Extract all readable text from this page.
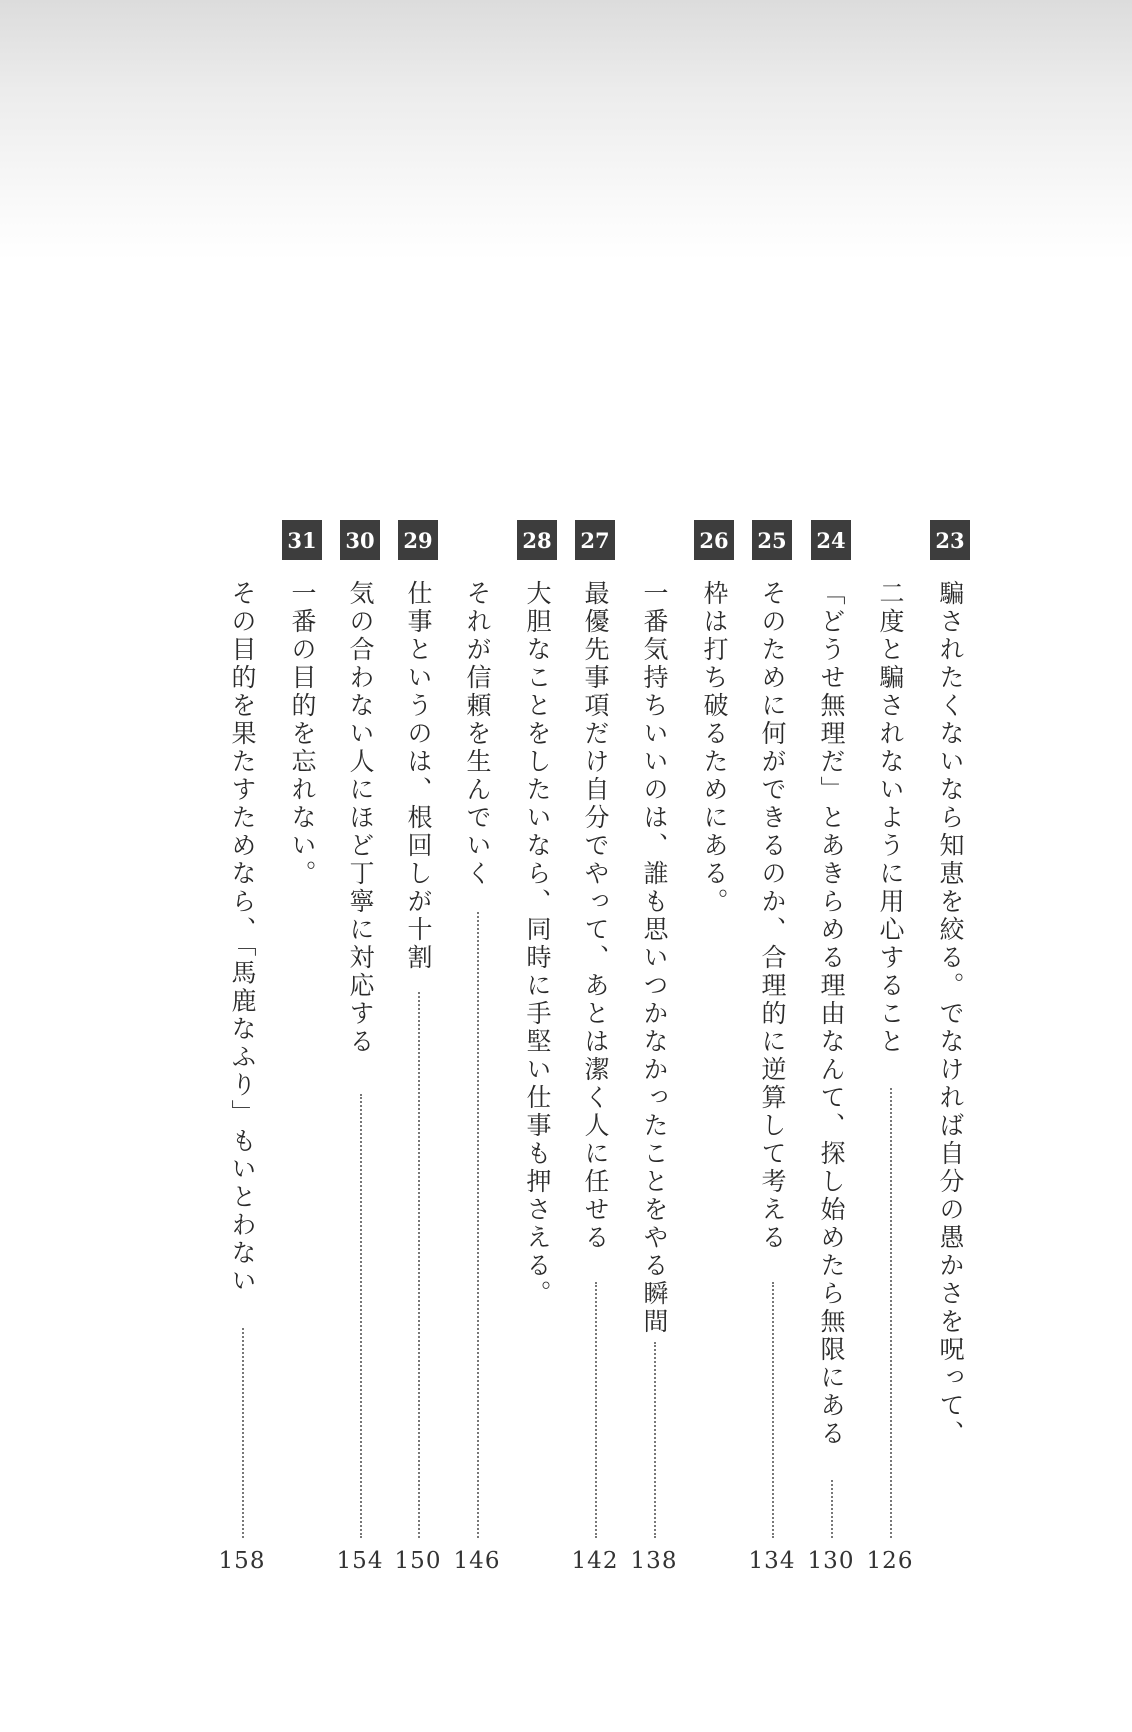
23
騙されたくないなら知恵を絞る。でなければ自分の愚かさを呪って、
二度と騙されないように用心すること
126
24
「どうせ無理だ」とあきらめる理由なんて、探し始めたら無限にある
130
25
そのために何ができるのか、合理的に逆算して考える
134
26
枠は打ち破るためにある。
一番気持ちいいのは、誰も思いつかなかったことをやる瞬間
138
27
最優先事項だけ自分でやって、あとは潔く人に任せる
142
28
大胆なことをしたいなら、同時に手堅い仕事も押さえる。
それが信頼を生んでいく
146
29
仕事というのは、根回しが十割
150
30
気の合わない人にほど丁寧に対応する
154
31
一番の目的を忘れない。
その目的を果たすためなら、「馬鹿なふり」もいとわない
158
